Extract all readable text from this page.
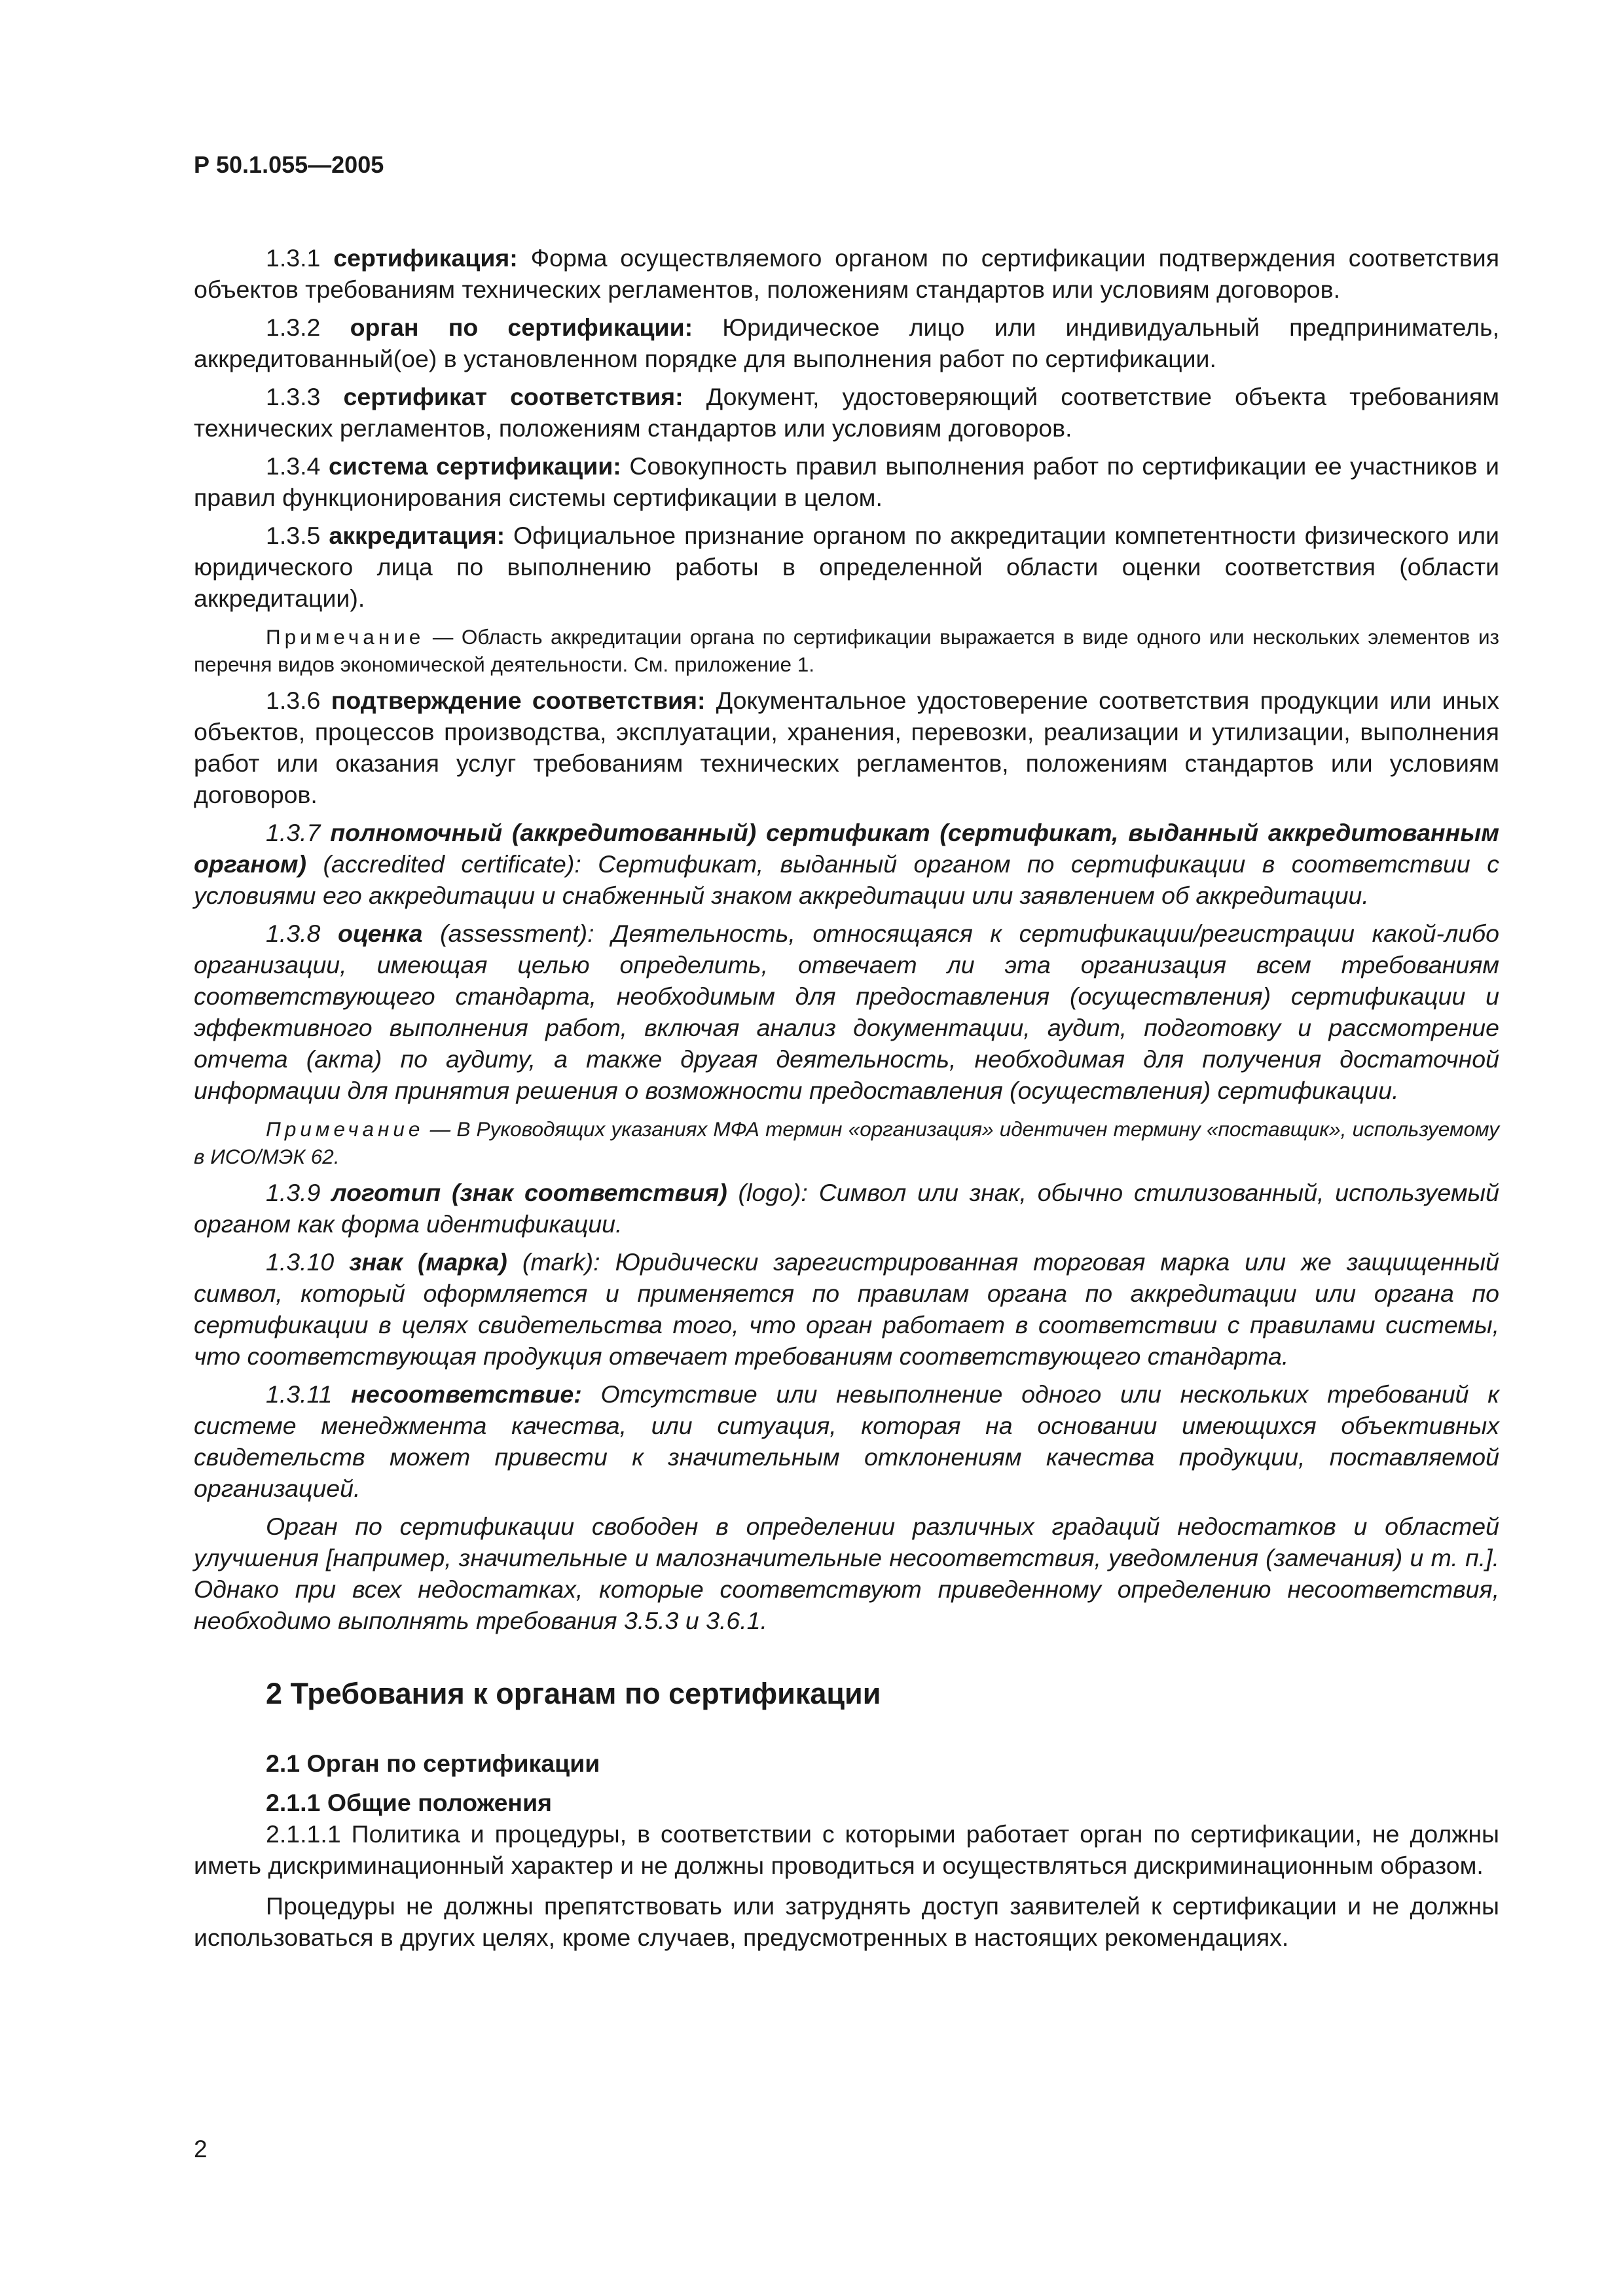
Р 50.1.055—2005

1.3.1 сертификация: Форма осуществляемого органом по сертификации подтверждения соответствия объектов требованиям технических регламентов, положениям стандартов или условиям договоров.

1.3.2 орган по сертификации: Юридическое лицо или индивидуальный предприниматель, аккредитованный(ое) в установленном порядке для выполнения работ по сертификации.

1.3.3 сертификат соответствия: Документ, удостоверяющий соответствие объекта требованиям технических регламентов, положениям стандартов или условиям договоров.

1.3.4 система сертификации: Совокупность правил выполнения работ по сертификации ее участников и правил функционирования системы сертификации в целом.

1.3.5 аккредитация: Официальное признание органом по аккредитации компетентности физического или юридического лица по выполнению работы в определенной области оценки соответствия (области аккредитации).

Примечание — Область аккредитации органа по сертификации выражается в виде одного или нескольких элементов из перечня видов экономической деятельности. См. приложение 1.

1.3.6 подтверждение соответствия: Документальное удостоверение соответствия продукции или иных объектов, процессов производства, эксплуатации, хранения, перевозки, реализации и утилизации, выполнения работ или оказания услуг требованиям технических регламентов, положениям стандартов или условиям договоров.

1.3.7 полномочный (аккредитованный) сертификат (сертификат, выданный аккредитованным органом) (accredited certificate): Сертификат, выданный органом по сертификации в соответствии с условиями его аккредитации и снабженный знаком аккредитации или заявлением об аккредитации.

1.3.8 оценка (assessment): Деятельность, относящаяся к сертификации/регистрации какой-либо организации, имеющая целью определить, отвечает ли эта организация всем требованиям соответствующего стандарта, необходимым для предоставления (осуществления) сертификации и эффективного выполнения работ, включая анализ документации, аудит, подготовку и рассмотрение отчета (акта) по аудиту, а также другая деятельность, необходимая для получения достаточной информации для принятия решения о возможности предоставления (осуществления) сертификации.

Примечание — В Руководящих указаниях МФА термин «организация» идентичен термину «поставщик», используемому в ИСО/МЭК 62.

1.3.9 логотип (знак соответствия) (logo): Символ или знак, обычно стилизованный, используемый органом как форма идентификации.

1.3.10 знак (марка) (mark): Юридически зарегистрированная торговая марка или же защищенный символ, который оформляется и применяется по правилам органа по аккредитации или органа по сертификации в целях свидетельства того, что орган работает в соответствии с правилами системы, что соответствующая продукция отвечает требованиям соответствующего стандарта.

1.3.11 несоответствие: Отсутствие или невыполнение одного или нескольких требований к системе менеджмента качества, или ситуация, которая на основании имеющихся объективных свидетельств может привести к значительным отклонениям качества продукции, поставляемой организацией.

Орган по сертификации свободен в определении различных градаций недостатков и областей улучшения [например, значительные и малозначительные несоответствия, уведомления (замечания) и т. п.]. Однако при всех недостатках, которые соответствуют приведенному определению несоответствия, необходимо выполнять требования 3.5.3 и 3.6.1.

2 Требования к органам по сертификации
2.1 Орган по сертификации
2.1.1 Общие положения

2.1.1.1 Политика и процедуры, в соответствии с которыми работает орган по сертификации, не должны иметь дискриминационный характер и не должны проводиться и осуществляться дискриминационным образом.

Процедуры не должны препятствовать или затруднять доступ заявителей к сертификации и не должны использоваться в других целях, кроме случаев, предусмотренных в настоящих рекомендациях.

2
